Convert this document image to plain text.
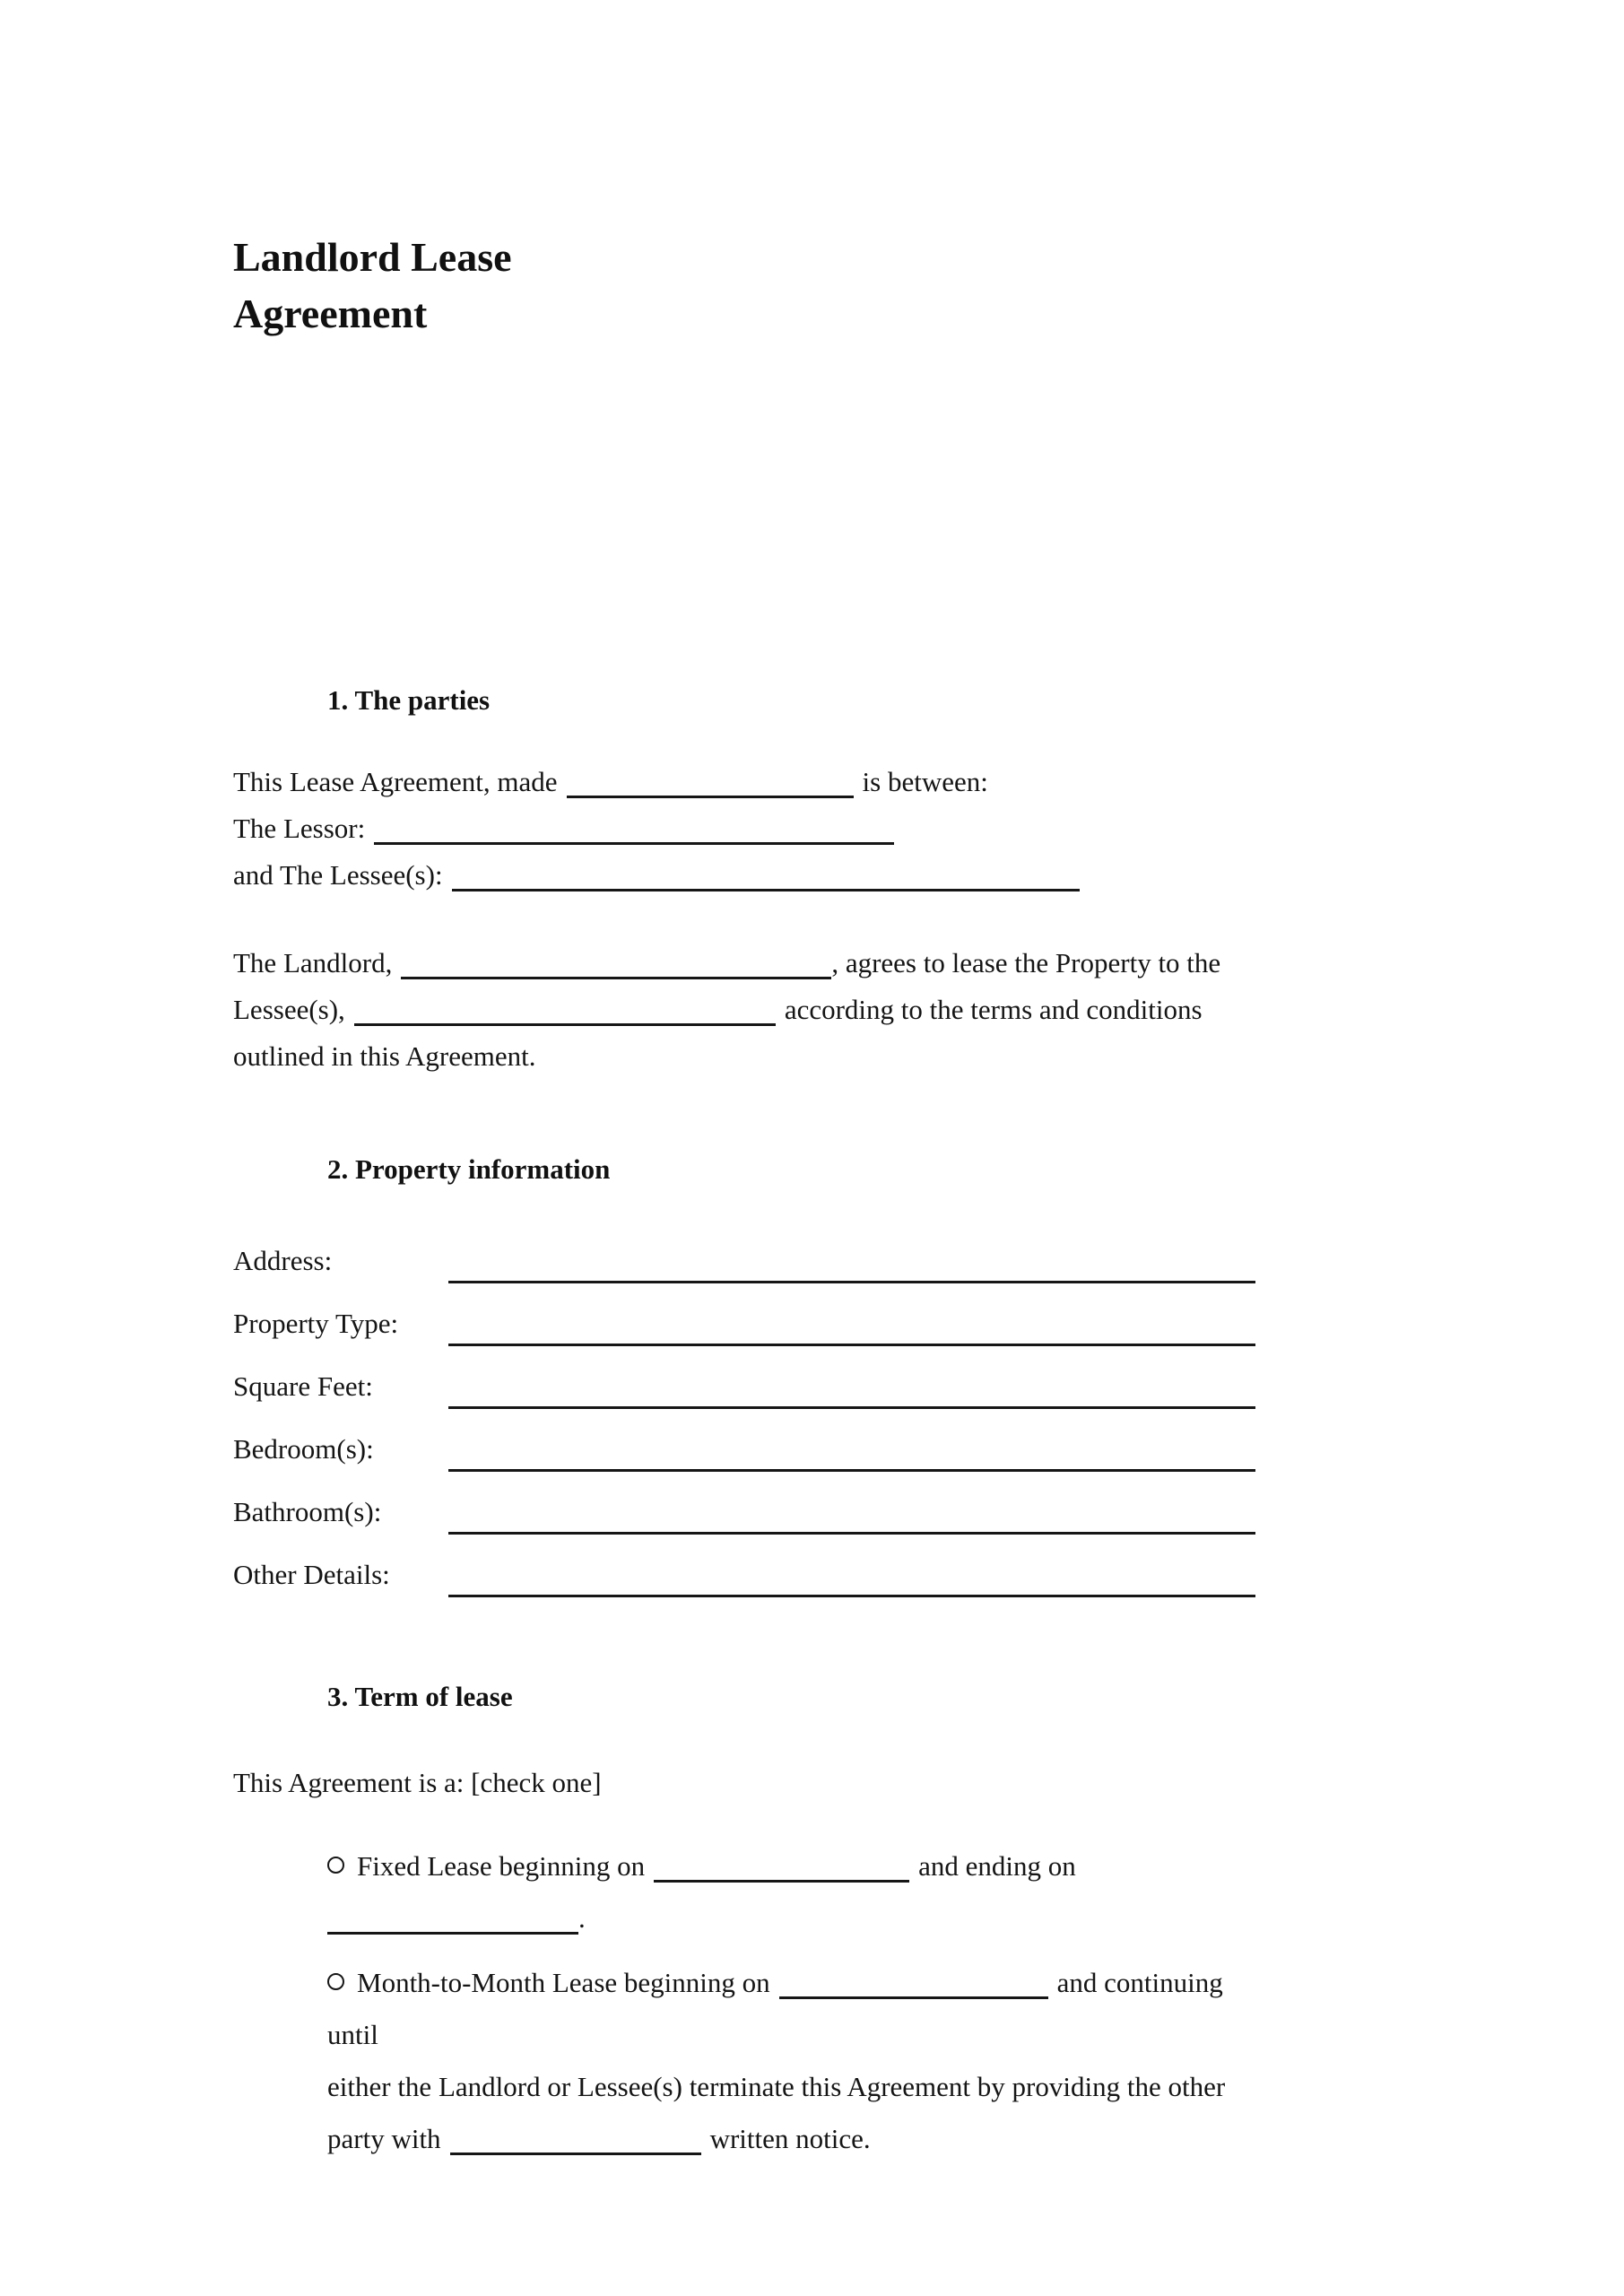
Landlord Lease
Agreement
1. The parties
This Lease Agreement, made	is between:
The Lessor:
and The Lessee(s):
The Landlord,	, agrees to lease the Property to the
Lessee(s),	according to the terms and conditions
outlined in this Agreement.
2. Property information
Address:
Property Type:
Square Feet:
Bedroom(s):
Bathroom(s):
Other Details:
3. Term of lease
This Agreement is a: [check one]
Fixed Lease beginning on	and ending on
.
Month-to-Month Lease beginning on	and continuing until
either the Landlord or Lessee(s) terminate this Agreement by providing the other
party with	written notice.
